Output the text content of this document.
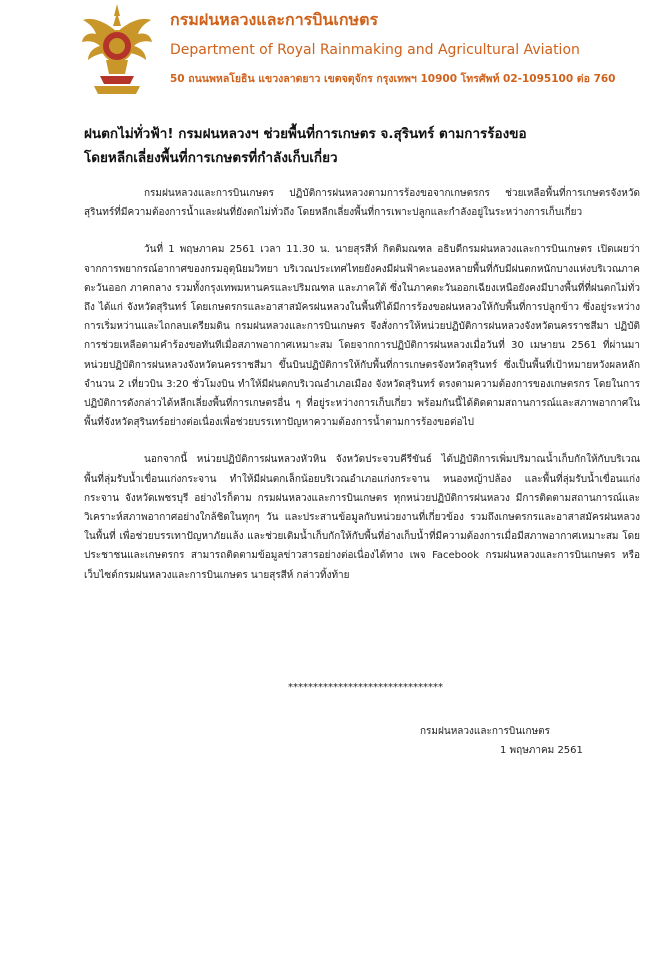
กรมฝนหลวงและการบินเกษตร
Department of Royal Rainmaking and Agricultural Aviation
50 ถนนพหลโยธิน แขวงลาดยาว เขตจตุจักร กรุงเทพฯ 10900 โทรศัพท์ 02-1095100 ต่อ 760
ฝนตกไม่ทั่วฟ้า! กรมฝนหลวงฯ ช่วยพื้นที่การเกษตร จ.สุรินทร์ ตามการร้องขอ
โดยหลีกเลี่ยงพื้นที่การเกษตรที่กำลังเก็บเกี่ยว

กรมฝนหลวงและการบินเกษตร ปฏิบัติการฝนหลวงตามการร้องขอจากเกษตรกร ช่วยเหลือพื้นที่การเกษตรจังหวัดสุรินทร์ที่มีความต้องการน้ำและฝนที่ยังตกไม่ทั่วถึง โดยหลีกเลี่ยงพื้นที่การเพาะปลูกและกำลังอยู่ในระหว่างการเก็บเกี่ยว

วันที่ 1 พฤษภาคม 2561 เวลา 11.30 น. นายสุรสีห์ กิตติมณฑล อธิบดีกรมฝนหลวงและการบินเกษตร เปิดเผยว่า จากการพยากรณ์อากาศของกรมอุตุนิยมวิทยา บริเวณประเทศไทยยังคงมีฝนฟ้าคะนองหลายพื้นที่กับมีฝนตกหนักบางแห่งบริเวณภาคตะวันออก ภาคกลาง รวมทั้งกรุงเทพมหานครและปริมณฑล และภาคใต้ ซึ่งในภาคตะวันออกเฉียงเหนือยังคงมีบางพื้นที่ที่ฝนตกไม่ทั่วถึง ได้แก่ จังหวัดสุรินทร์ โดยเกษตรกรและอาสาสมัครฝนหลวงในพื้นที่ได้มีการร้องขอฝนหลวงให้กับพื้นที่การปลูกข้าว ซึ่งอยู่ระหว่างการเริ่มหว่านและไถกลบเตรียมดิน กรมฝนหลวงและการบินเกษตร จึงสั่งการให้หน่วยปฏิบัติการฝนหลวงจังหวัดนครราชสีมา ปฏิบัติการช่วยเหลือตามคำร้องขอทันทีเมื่อสภาพอากาศเหมาะสม โดยจากการปฏิบัติการฝนหลวงเมื่อวันที่ 30 เมษายน 2561 ที่ผ่านมา หน่วยปฏิบัติการฝนหลวงจังหวัดนครราชสีมา ขึ้นบินปฏิบัติการให้กับพื้นที่การเกษตรจังหวัดสุรินทร์ ซึ่งเป็นพื้นที่เป้าหมายหวังผลหลัก จำนวน 2 เที่ยวบิน 3:20 ชั่วโมงบิน ทำให้มีฝนตกบริเวณอำเภอเมือง จังหวัดสุรินทร์ ตรงตามความต้องการของเกษตรกร โดยในการปฏิบัติการดังกล่าวได้หลีกเลี่ยงพื้นที่การเกษตรอื่น ๆ ที่อยู่ระหว่างการเก็บเกี่ยว พร้อมกันนี้ได้ติดตามสถานการณ์และสภาพอากาศในพื้นที่จังหวัดสุรินทร์อย่างต่อเนื่องเพื่อช่วยบรรเทาปัญหาความต้องการน้ำตามการร้องขอต่อไป

นอกจากนี้ หน่วยปฏิบัติการฝนหลวงหัวหิน จังหวัดประจวบคีรีขันธ์ ได้ปฏิบัติการเพิ่มปริมาณน้ำเก็บกักให้กับบริเวณพื้นที่ลุ่มรับน้ำเขื่อนแก่งกระจาน ทำให้มีฝนตกเล็กน้อยบริเวณอำเภอแก่งกระจาน หนองหญ้าปล้อง และพื้นที่ลุ่มรับน้ำเขื่อนแก่งกระจาน จังหวัดเพชรบุรี อย่างไรก็ตาม กรมฝนหลวงและการบินเกษตร ทุกหน่วยปฏิบัติการฝนหลวง มีการติดตามสถานการณ์และวิเคราะห์สภาพอากาศอย่างใกล้ชิดในทุกๆ วัน และประสานข้อมูลกับหน่วยงานที่เกี่ยวข้อง รวมถึงเกษตรกรและอาสาสมัครฝนหลวงในพื้นที่ เพื่อช่วยบรรเทาปัญหาภัยแล้ง และช่วยเติมน้ำเก็บกักให้กับพื้นที่อ่างเก็บน้ำที่มีความต้องการเมื่อมีสภาพอากาศเหมาะสม โดยประชาชนและเกษตรกร สามารถติดตามข้อมูลข่าวสารอย่างต่อเนื่องได้ทาง เพจ Facebook กรมฝนหลวงและการบินเกษตร หรือเว็บไซต์กรมฝนหลวงและการบินเกษตร นายสุรสีห์ กล่าวทิ้งท้าย

*******************************
กรมฝนหลวงและการบินเกษตร
1 พฤษภาคม 2561
